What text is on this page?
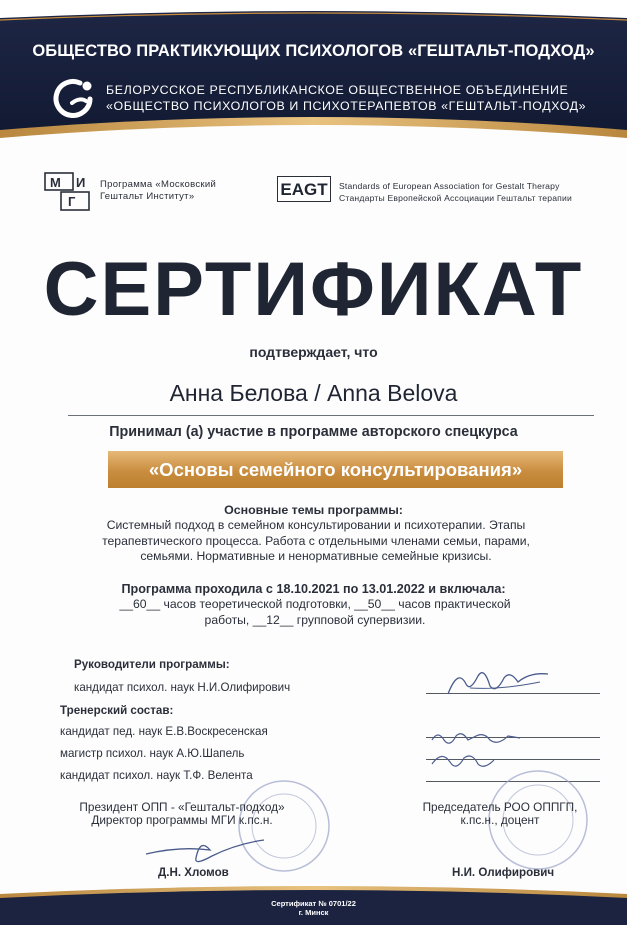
ОБЩЕСТВО ПРАКТИКУЮЩИХ ПСИХОЛОГОВ «ГЕШТАЛЬТ-ПОДХОД»
БЕЛОРУССКОЕ РЕСПУБЛИКАНСКОЕ ОБЩЕСТВЕННОЕ ОБЪЕДИНЕНИЕ
«ОБЩЕСТВО ПСИХОЛОГОВ И ПСИХОТЕРАПЕВТОВ «ГЕШТАЛЬТ-ПОДХОД»
М И
Г
Программа «Московский
Гештальт Институт»	EAGT Standards of European Association for Gestalt Therapy
Стандарты Европейской Ассоциации Гештальт терапии
СЕРТИФИКАТ
подтверждает, что
Анна Белова / Anna Belova
Принимал (а) участие в программе авторского спецкурса
«Основы семейного консультирования»
Основные темы программы:
Системный подход в семейном консультировании и психотерапии. Этапы терапевтического процесса. Работа с отдельными членами семьи, парами, семьями. Нормативные и ненормативные семейные кризисы.
Программа проходила с 18.10.2021 по 13.01.2022 и включала:
__60__ часов теоретической подготовки, __50__ часов практической
работы, __12__ групповой супервизии.
Руководители программы:
кандидат психол. наук Н.И.Олифирович
Тренерский состав:
кандидат пед. наук Е.В.Воскресенская
магистр психол. наук А.Ю.Шапель
кандидат психол. наук Т.Ф. Велента
Президент ОПП - «Гештальт-подход»
Директор программы МГИ к.пс.н.
Д.Н. Хломов
Председатель РОО ОППГП,
к.пс.н., доцент
Н.И. Олифирович
Сертификат № 0701/22
г. Минск
